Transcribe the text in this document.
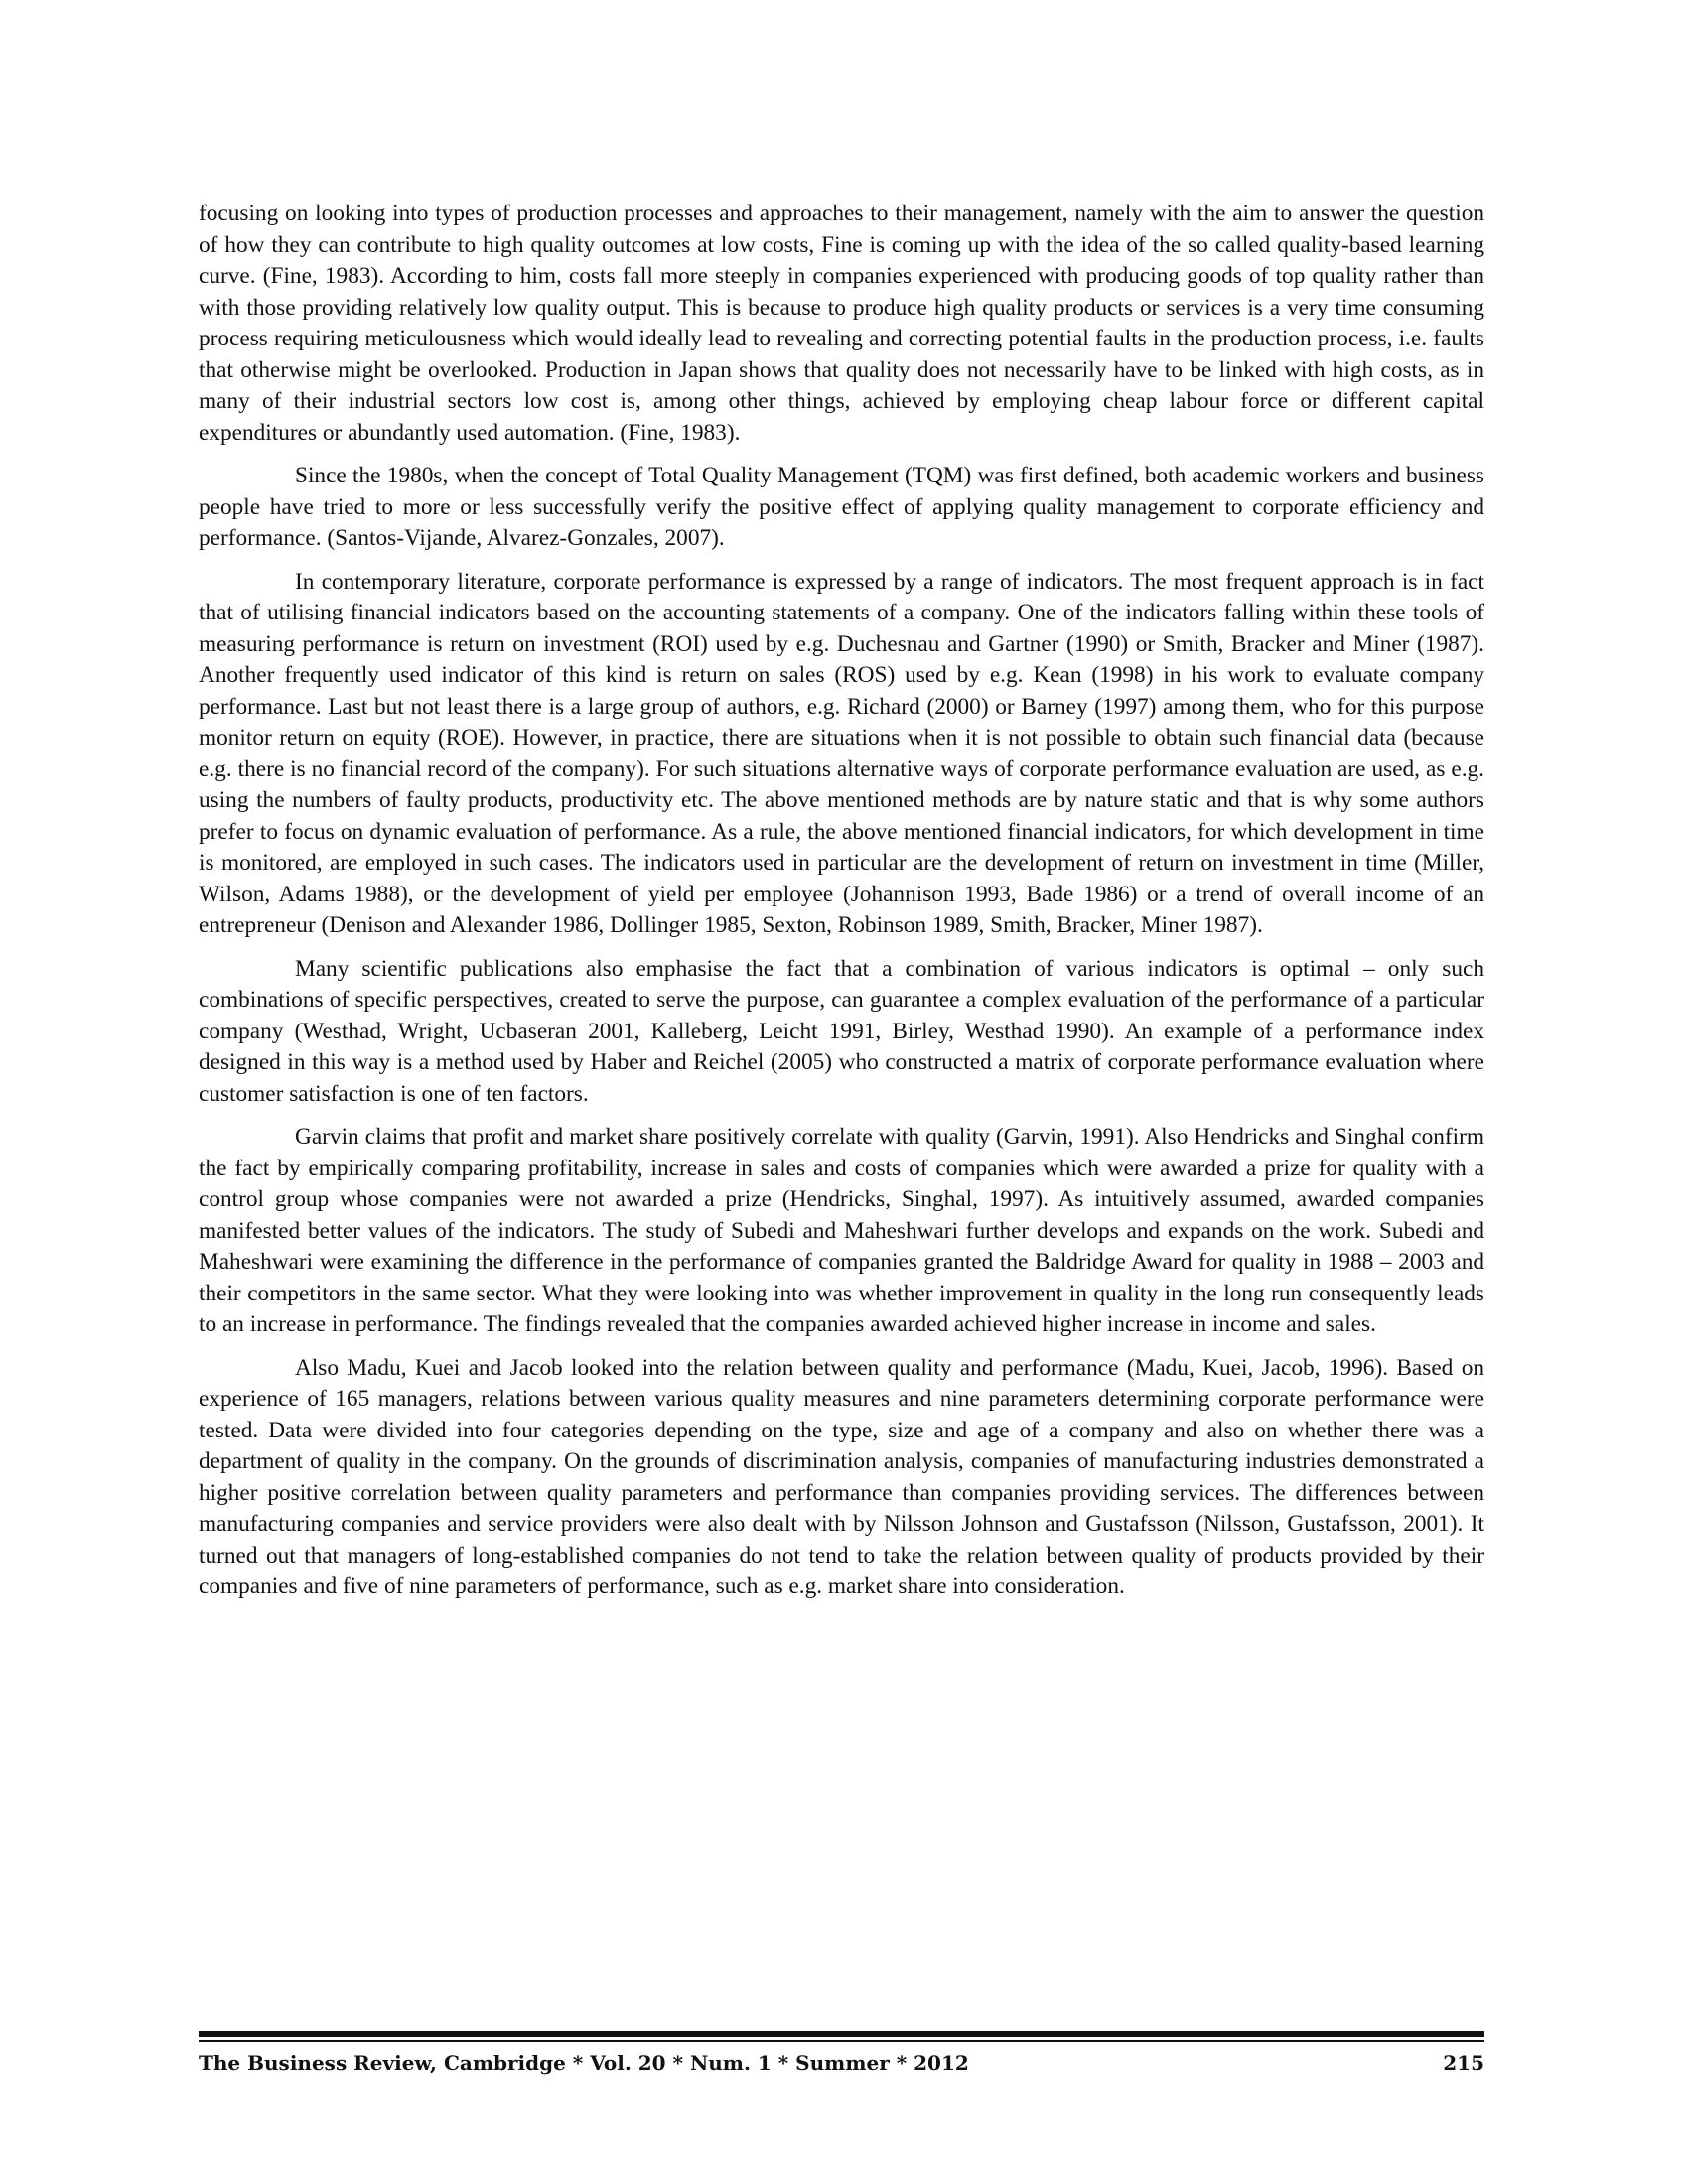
focusing on looking into types of production processes and approaches to their management, namely with the aim to answer the question of how they can contribute to high quality outcomes at low costs, Fine is coming up with the idea of the so called quality-based learning curve. (Fine, 1983). According to him, costs fall more steeply in companies experienced with producing goods of top quality rather than with those providing relatively low quality output. This is because to produce high quality products or services is a very time consuming process requiring meticulousness which would ideally lead to revealing and correcting potential faults in the production process, i.e. faults that otherwise might be overlooked. Production in Japan shows that quality does not necessarily have to be linked with high costs, as in many of their industrial sectors low cost is, among other things, achieved by employing cheap labour force or different capital expenditures or abundantly used automation. (Fine, 1983).

Since the 1980s, when the concept of Total Quality Management (TQM) was first defined, both academic workers and business people have tried to more or less successfully verify the positive effect of applying quality management to corporate efficiency and performance. (Santos-Vijande, Alvarez-Gonzales, 2007).

In contemporary literature, corporate performance is expressed by a range of indicators. The most frequent approach is in fact that of utilising financial indicators based on the accounting statements of a company. One of the indicators falling within these tools of measuring performance is return on investment (ROI) used by e.g. Duchesnau and Gartner (1990) or Smith, Bracker and Miner (1987). Another frequently used indicator of this kind is return on sales (ROS) used by e.g. Kean (1998) in his work to evaluate company performance. Last but not least there is a large group of authors, e.g. Richard (2000) or Barney (1997) among them, who for this purpose monitor return on equity (ROE). However, in practice, there are situations when it is not possible to obtain such financial data (because e.g. there is no financial record of the company). For such situations alternative ways of corporate performance evaluation are used, as e.g. using the numbers of faulty products, productivity etc. The above mentioned methods are by nature static and that is why some authors prefer to focus on dynamic evaluation of performance. As a rule, the above mentioned financial indicators, for which development in time is monitored, are employed in such cases. The indicators used in particular are the development of return on investment in time (Miller, Wilson, Adams 1988), or the development of yield per employee (Johannison 1993, Bade 1986) or a trend of overall income of an entrepreneur (Denison and Alexander 1986, Dollinger 1985, Sexton, Robinson 1989, Smith, Bracker, Miner 1987).

Many scientific publications also emphasise the fact that a combination of various indicators is optimal – only such combinations of specific perspectives, created to serve the purpose, can guarantee a complex evaluation of the performance of a particular company (Westhad, Wright, Ucbaseran 2001, Kalleberg, Leicht 1991, Birley, Westhad 1990). An example of a performance index designed in this way is a method used by Haber and Reichel (2005) who constructed a matrix of corporate performance evaluation where customer satisfaction is one of ten factors.

Garvin claims that profit and market share positively correlate with quality (Garvin, 1991). Also Hendricks and Singhal confirm the fact by empirically comparing profitability, increase in sales and costs of companies which were awarded a prize for quality with a control group whose companies were not awarded a prize (Hendricks, Singhal, 1997). As intuitively assumed, awarded companies manifested better values of the indicators. The study of Subedi and Maheshwari further develops and expands on the work. Subedi and Maheshwari were examining the difference in the performance of companies granted the Baldridge Award for quality in 1988 – 2003 and their competitors in the same sector. What they were looking into was whether improvement in quality in the long run consequently leads to an increase in performance. The findings revealed that the companies awarded achieved higher increase in income and sales.

Also Madu, Kuei and Jacob looked into the relation between quality and performance (Madu, Kuei, Jacob, 1996). Based on experience of 165 managers, relations between various quality measures and nine parameters determining corporate performance were tested. Data were divided into four categories depending on the type, size and age of a company and also on whether there was a department of quality in the company. On the grounds of discrimination analysis, companies of manufacturing industries demonstrated a higher positive correlation between quality parameters and performance than companies providing services. The differences between manufacturing companies and service providers were also dealt with by Nilsson Johnson and Gustafsson (Nilsson, Gustafsson, 2001). It turned out that managers of long-established companies do not tend to take the relation between quality of products provided by their companies and five of nine parameters of performance, such as e.g. market share into consideration.

The Business Review, Cambridge * Vol. 20 * Num. 1 * Summer * 2012	215
